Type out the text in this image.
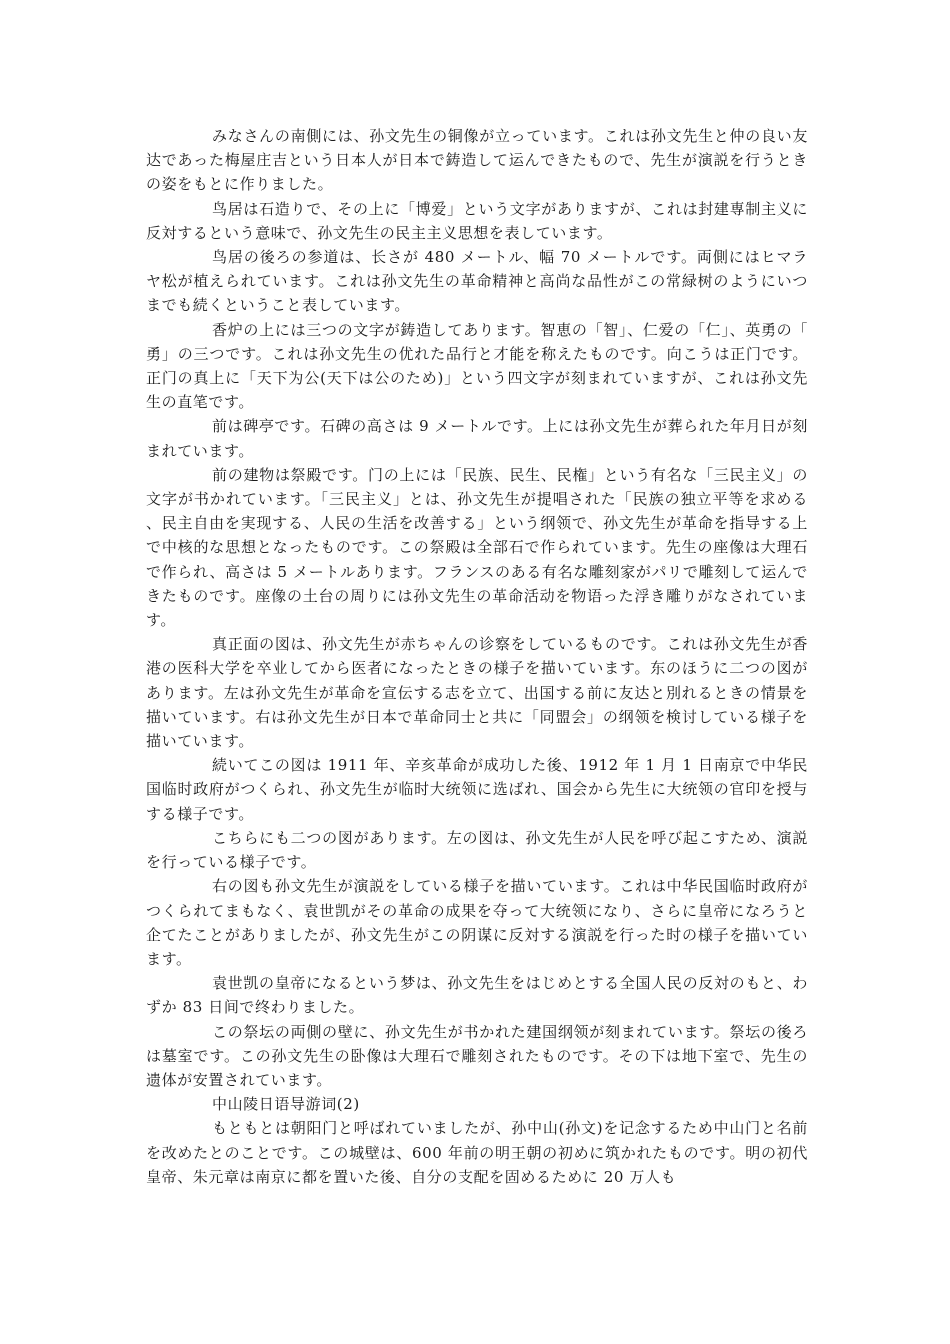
みなさんの南側には、孙文先生の铜像が立っています。これは孙文先生と仲の良い友达であった梅屋庄吉という日本人が日本で鋳造して运んできたもので、先生が演説を行うときの姿をもとに作りました。

鸟居は石造りで、その上に「博爱」という文字がありますが、これは封建専制主义に反対するという意味で、孙文先生の民主主义思想を表しています。

鸟居の後ろの参道は、长さが 480 メートル、幅 70 メートルです。両側にはヒマラヤ松が植えられています。これは孙文先生の革命精神と高尚な品性がこの常緑树のようにいつまでも続くということ表しています。

香炉の上には三つの文字が鋳造してあります。智恵の「智」、仁爱の「仁」、英勇の「勇」の三つです。これは孙文先生の优れた品行と才能を称えたものです。向こうは正门です。正门の真上に「天下为公(天下は公のため)」という四文字が刻まれていますが、これは孙文先生の直笔です。

前は碑亭です。石碑の高さは 9 メートルです。上には孙文先生が葬られた年月日が刻まれています。

前の建物は祭殿です。门の上には「民族、民生、民権」という有名な「三民主义」の文字が书かれています。「三民主义」とは、孙文先生が提唱された「民族の独立平等を求める、民主自由を実现する、人民の生活を改善する」という纲领で、孙文先生が革命を指导する上で中核的な思想となったものです。この祭殿は全部石で作られています。先生の座像は大理石で作られ、高さは 5 メートルあります。フランスのある有名な雕刻家がパリで雕刻して运んできたものです。座像の土台の周りには孙文先生の革命活动を物语った浮き雕りがなされています。

真正面の図は、孙文先生が赤ちゃんの诊察をしているものです。これは孙文先生が香港の医科大学を卒业してから医者になったときの様子を描いています。东のほうに二つの図があります。左は孙文先生が革命を宣伝する志を立て、出国する前に友达と別れるときの情景を描いています。右は孙文先生が日本で革命同士と共に「同盟会」の纲领を検讨している様子を描いています。

続いてこの図は 1911 年、辛亥革命が成功した後、1912 年 1 月 1 日南京で中华民国临时政府がつくられ、孙文先生が临时大统领に选ばれ、国会から先生に大统领の官印を授与する様子です。

こちらにも二つの図があります。左の図は、孙文先生が人民を呼び起こすため、演説を行っている様子です。

右の図も孙文先生が演説をしている様子を描いています。これは中华民国临时政府がつくられてまもなく、袁世凯がその革命の成果を夺って大统领になり、さらに皇帝になろうと企てたことがありましたが、孙文先生がこの阴谋に反対する演説を行った时の様子を描いています。

袁世凯の皇帝になるという梦は、孙文先生をはじめとする全国人民の反対のもと、わずか 83 日间で终わりました。

この祭坛の両側の壁に、孙文先生が书かれた建国纲领が刻まれています。祭坛の後ろは墓室です。この孙文先生の卧像は大理石で雕刻されたものです。その下は地下室で、先生の遗体が安置されています。

中山陵日语导游词(2)

もともとは朝阳门と呼ばれていましたが、孙中山(孙文)を记念するため中山门と名前を改めたとのことです。この城壁は、600 年前の明王朝の初めに筑かれたものです。明の初代皇帝、朱元章は南京に都を置いた後、自分の支配を固めるために 20 万人も
